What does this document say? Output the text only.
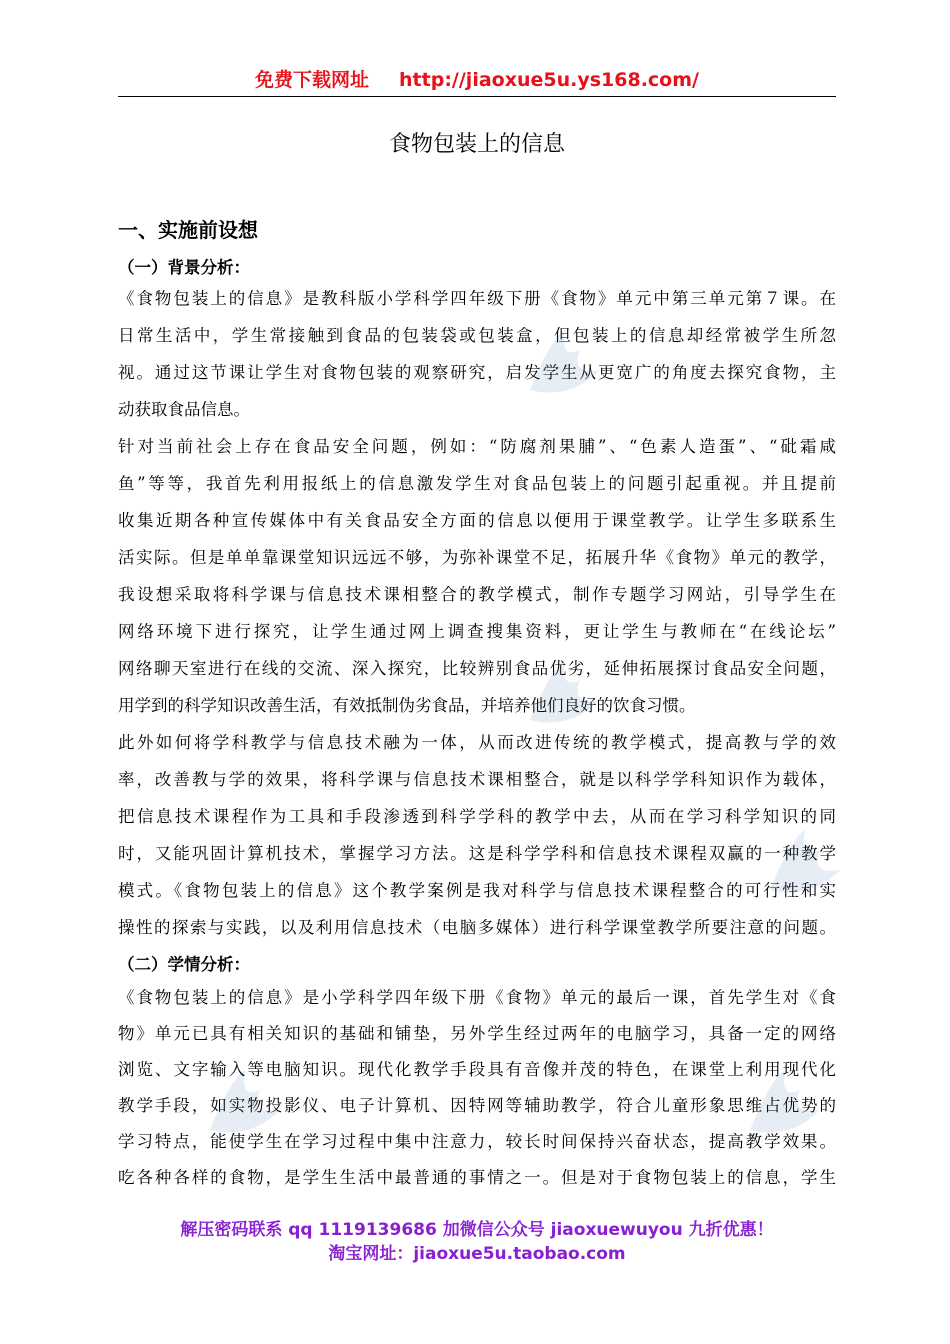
免费下载网址 http://jiaoxue5u.ys168.com/
食物包装上的信息
一、实施前设想
（一）背景分析：
《食物包装上的信息》是教科版小学科学四年级下册《食物》单元中第三单元第７课。在
日常生活中，学生常接触到食品的包装袋或包装盒，但包装上的信息却经常被学生所忽
视。通过这节课让学生对食物包装的观察研究，启发学生从更宽广的角度去探究食物，主
动获取食品信息。
针对当前社会上存在食品安全问题，例如：“防腐剂果脯”、“色素人造蛋”、“砒霜咸
鱼”等等，我首先利用报纸上的信息激发学生对食品包装上的问题引起重视。并且提前
收集近期各种宣传媒体中有关食品安全方面的信息以便用于课堂教学。让学生多联系生
活实际。但是单单靠课堂知识远远不够，为弥补课堂不足，拓展升华《食物》单元的教学，
我设想采取将科学课与信息技术课相整合的教学模式，制作专题学习网站，引导学生在
网络环境下进行探究，让学生通过网上调查搜集资料，更让学生与教师在“在线论坛”
网络聊天室进行在线的交流、深入探究，比较辨别食品优劣，延伸拓展探讨食品安全问题，
用学到的科学知识改善生活，有效抵制伪劣食品，并培养他们良好的饮食习惯。
此外如何将学科教学与信息技术融为一体，从而改进传统的教学模式，提高教与学的效
率，改善教与学的效果，将科学课与信息技术课相整合，就是以科学学科知识作为载体，
把信息技术课程作为工具和手段渗透到科学学科的教学中去，从而在学习科学知识的同
时，又能巩固计算机技术，掌握学习方法。这是科学学科和信息技术课程双赢的一种教学
模式。《食物包装上的信息》这个教学案例是我对科学与信息技术课程整合的可行性和实
操性的探索与实践，以及利用信息技术（电脑多媒体）进行科学课堂教学所要注意的问题。
（二）学情分析：
《食物包装上的信息》是小学科学四年级下册《食物》单元的最后一课，首先学生对《食
物》单元已具有相关知识的基础和铺垫，另外学生经过两年的电脑学习，具备一定的网络
浏览、文字输入等电脑知识。现代化教学手段具有音像并茂的特色，在课堂上利用现代化
教学手段，如实物投影仪、电子计算机、因特网等辅助教学，符合儿童形象思维占优势的
学习特点，能使学生在学习过程中集中注意力，较长时间保持兴奋状态，提高教学效果。
吃各种各样的食物，是学生生活中最普通的事情之一。但是对于食物包装上的信息，学生
解压密码联系 qq 1119139686 加微信公众号 jiaoxuewuyou 九折优惠！
淘宝网址：jiaoxue5u.taobao.com
